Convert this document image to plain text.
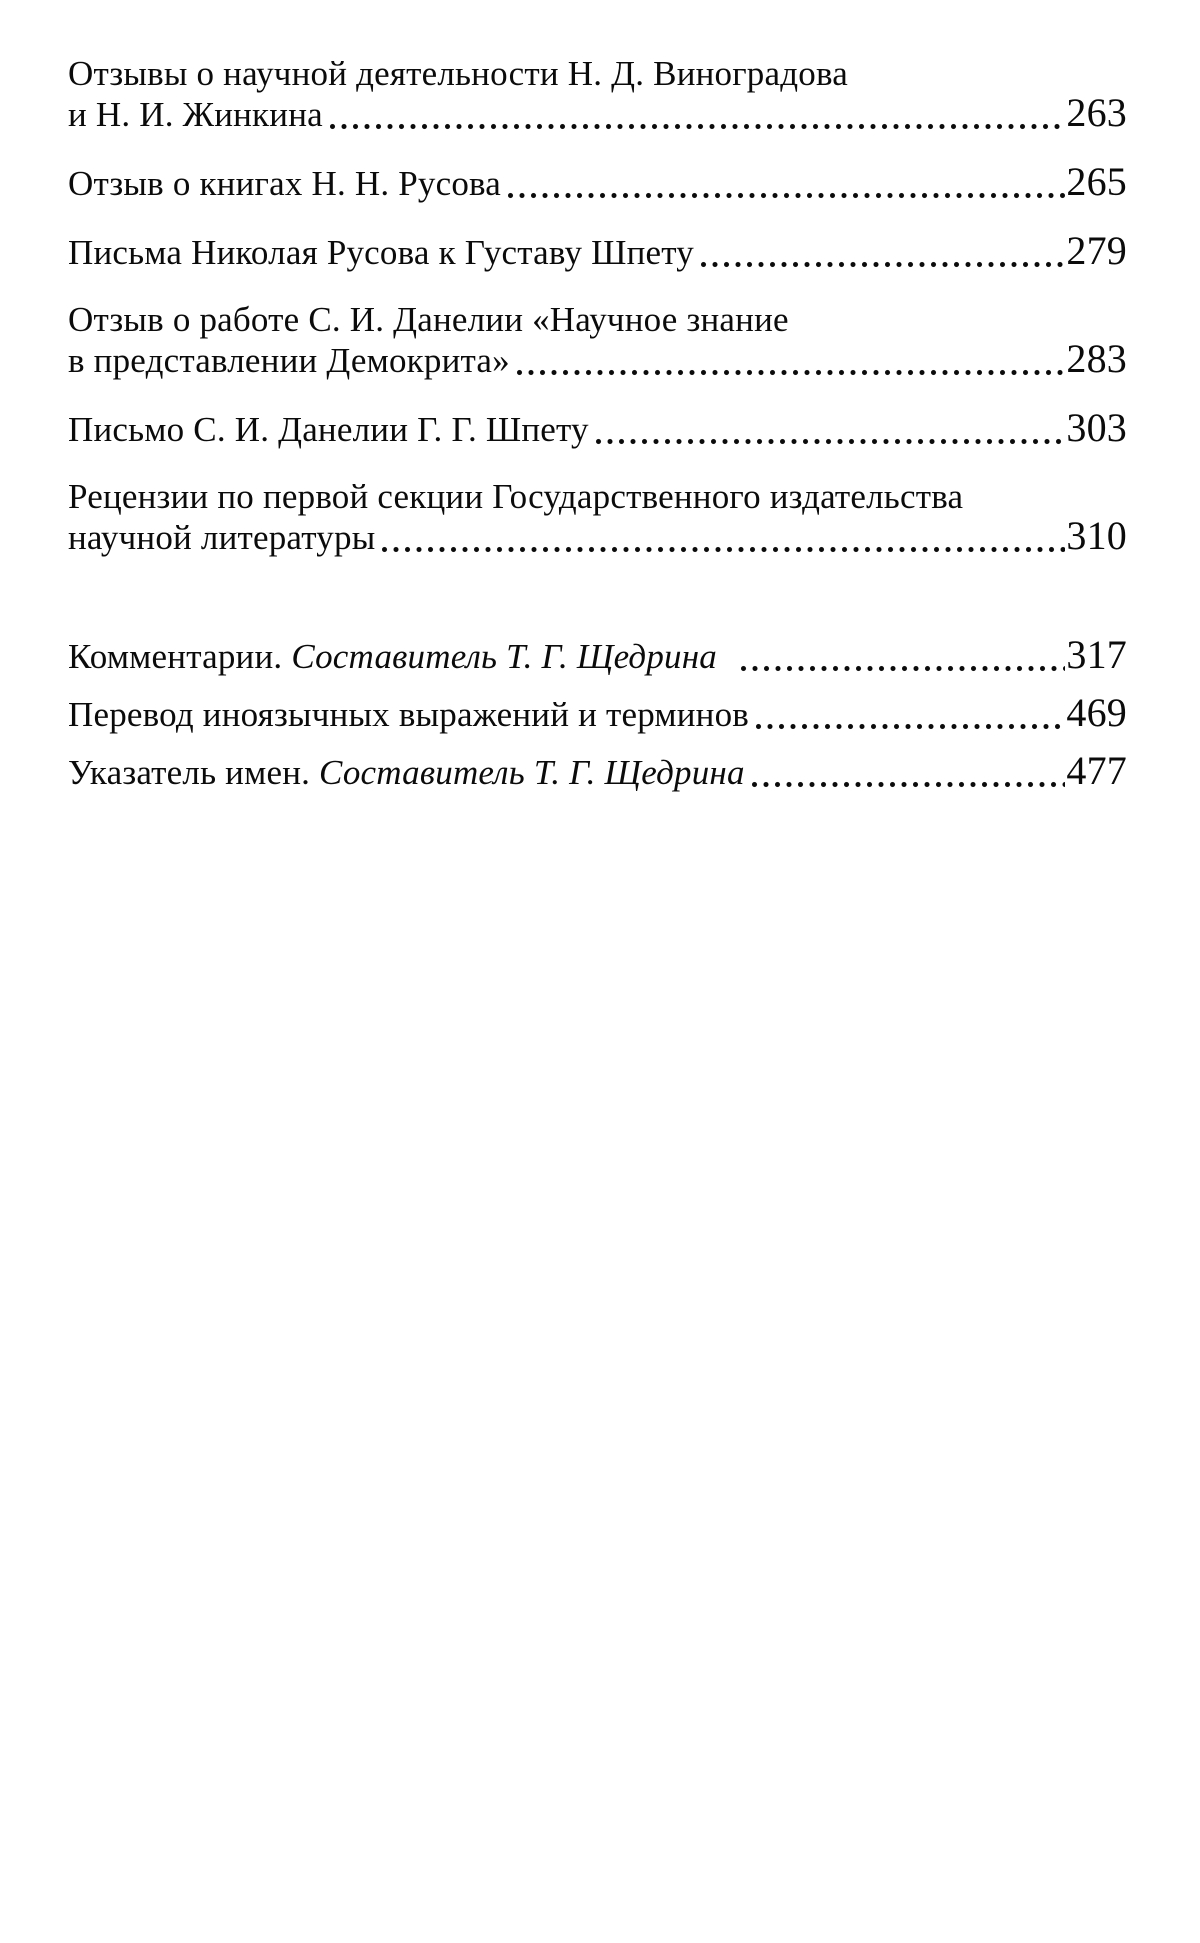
Отзывы о научной деятельности Н. Д. Виноградова
и Н. И. Жинкина	263
Отзыв о книгах Н. Н. Русова	265
Письма Николая Русова к Густаву Шпету	279
Отзыв о работе С. И. Данелии «Научное знание
в представлении Демокрита»	283
Письмо С. И. Данелии Г. Г. Шпету	303
Рецензии по первой секции Государственного издательства
научной литературы	310
Комментарии. Составитель Т. Г. Щедрина	317
Перевод иноязычных выражений и терминов	469
Указатель имен. Составитель Т. Г. Щедрина	477
